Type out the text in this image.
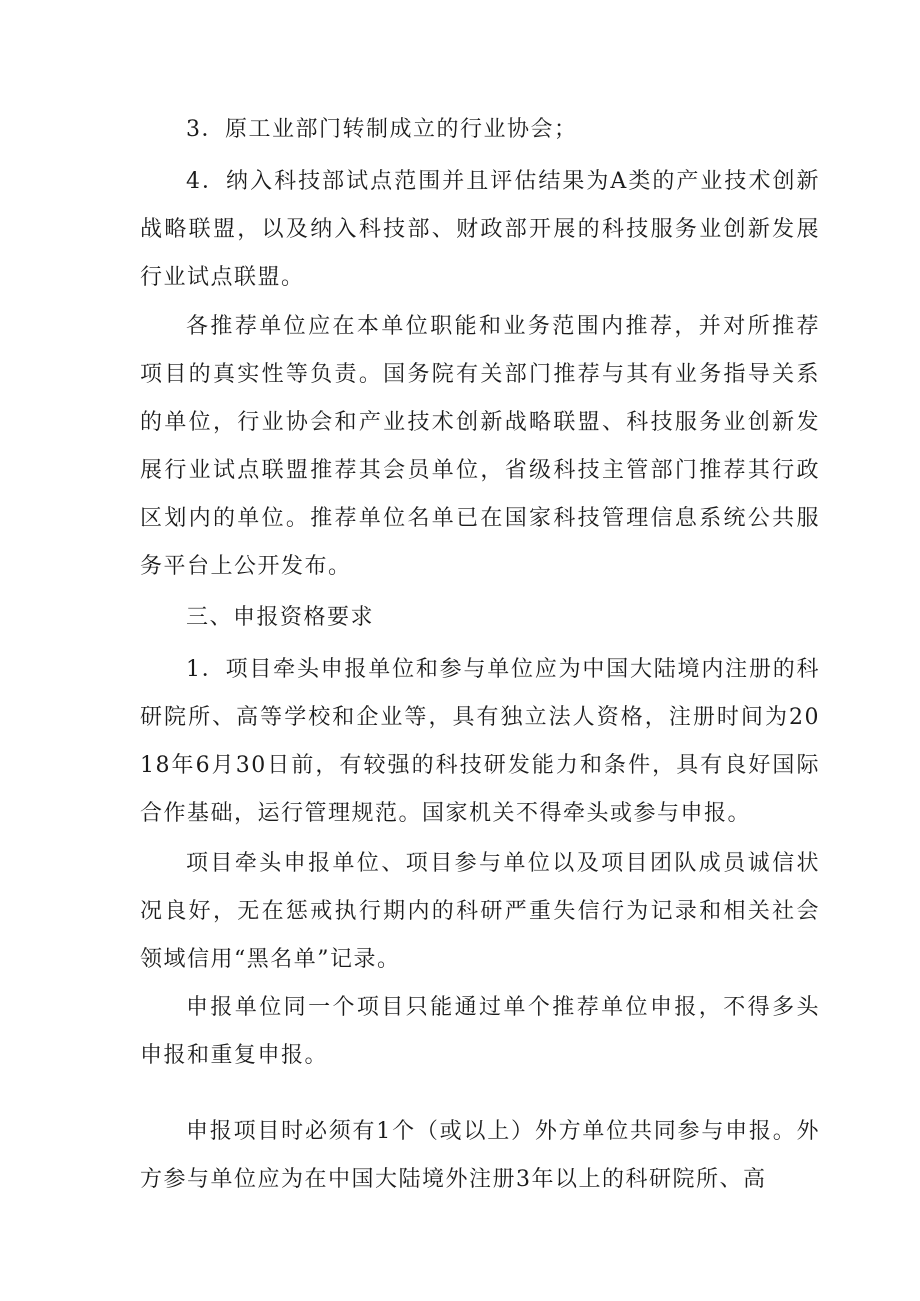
3．原工业部门转制成立的行业协会；

4．纳入科技部试点范围并且评估结果为A类的产业技术创新战略联盟，以及纳入科技部、财政部开展的科技服务业创新发展行业试点联盟。

各推荐单位应在本单位职能和业务范围内推荐，并对所推荐项目的真实性等负责。国务院有关部门推荐与其有业务指导关系的单位，行业协会和产业技术创新战略联盟、科技服务业创新发展行业试点联盟推荐其会员单位，省级科技主管部门推荐其行政区划内的单位。推荐单位名单已在国家科技管理信息系统公共服务平台上公开发布。

三、申报资格要求

1．项目牵头申报单位和参与单位应为中国大陆境内注册的科研院所、高等学校和企业等，具有独立法人资格，注册时间为2018年6月30日前，有较强的科技研发能力和条件，具有良好国际合作基础，运行管理规范。国家机关不得牵头或参与申报。

项目牵头申报单位、项目参与单位以及项目团队成员诚信状况良好，无在惩戒执行期内的科研严重失信行为记录和相关社会领域信用“黑名单”记录。

申报单位同一个项目只能通过单个推荐单位申报，不得多头申报和重复申报。

申报项目时必须有1个（或以上）外方单位共同参与申报。外方参与单位应为在中国大陆境外注册3年以上的科研院所、高
